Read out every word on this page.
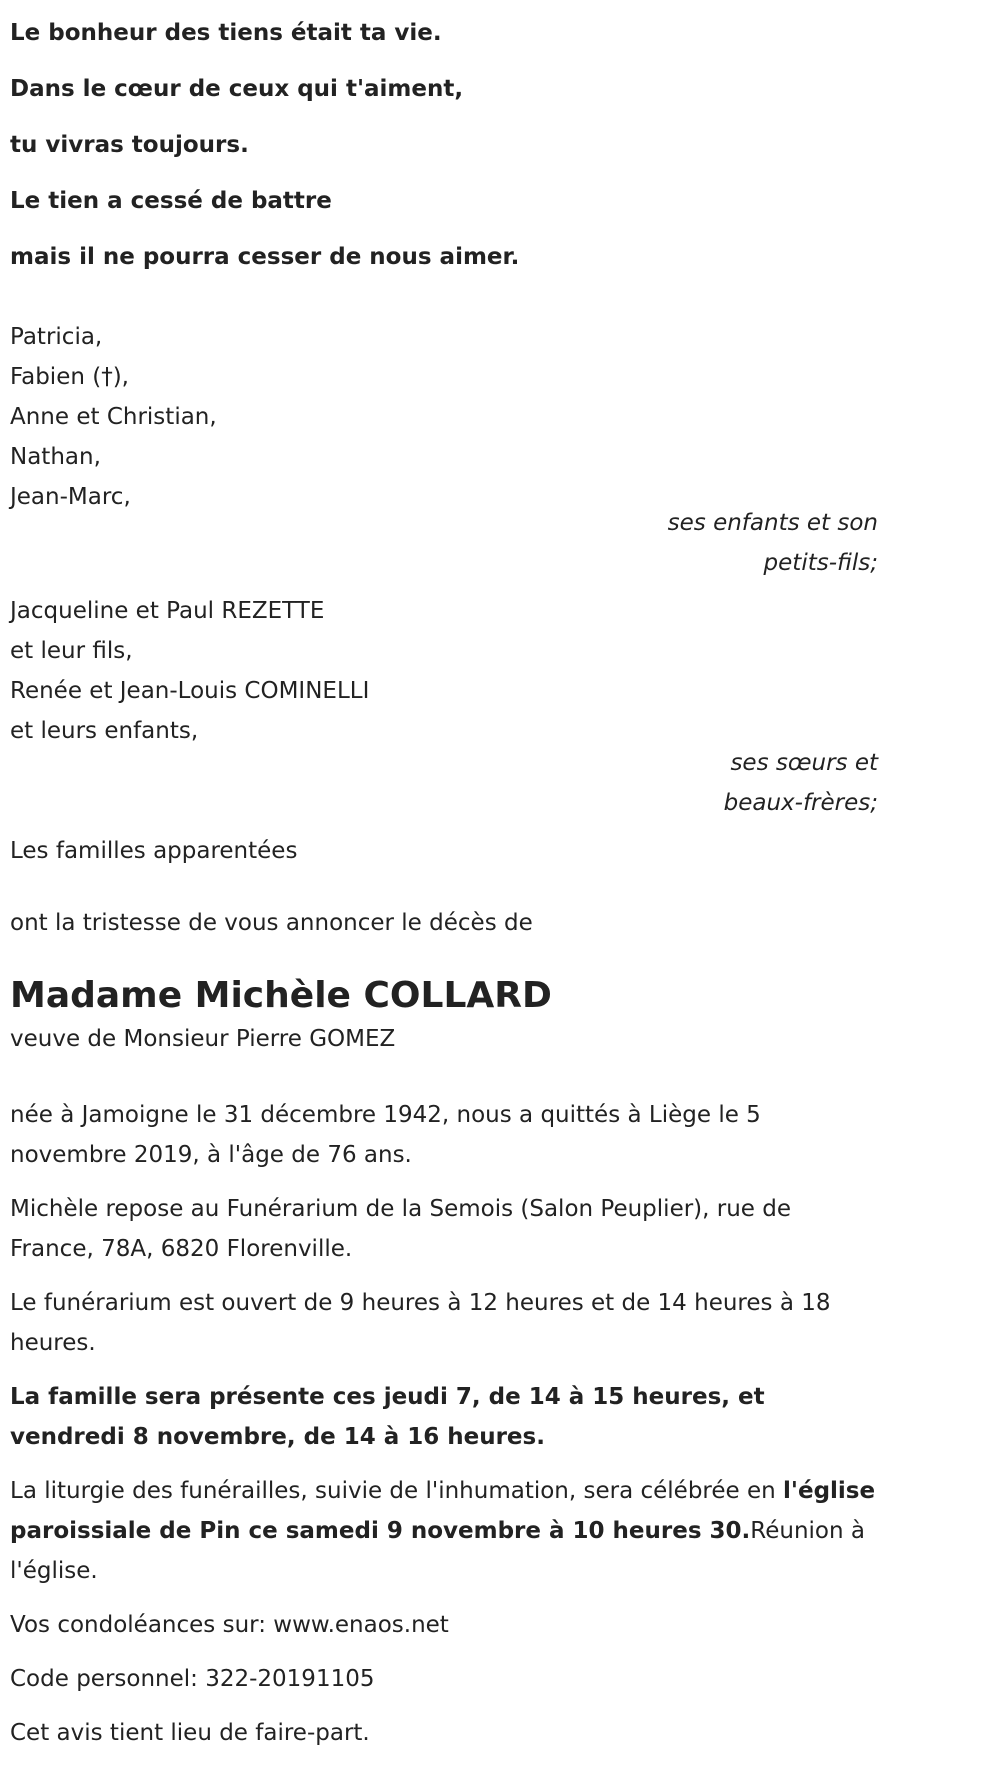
Le bonheur des tiens était ta vie.

Dans le cœur de ceux qui t'aiment,

tu vivras toujours.

Le tien a cessé de battre

mais il ne pourra cesser de nous aimer.

Patricia,

Fabien (†),

Anne et Christian,

Nathan,

Jean-Marc,

ses enfants et son petits-fils;

Jacqueline et Paul REZETTE

et leur fils,

Renée et Jean-Louis COMINELLI

et leurs enfants,

ses sœurs et beaux-frères;

Les familles apparentées

ont la tristesse de vous annoncer le décès de

Madame Michèle COLLARD

veuve de Monsieur Pierre GOMEZ

née à Jamoigne le 31 décembre 1942, nous a quittés à Liège le 5 novembre 2019, à l'âge de 76 ans.

Michèle repose au Funérarium de la Semois (Salon Peuplier), rue de France, 78A, 6820 Florenville.

Le funérarium est ouvert de 9 heures à 12 heures et de 14 heures à 18 heures.

La famille sera présente ces jeudi 7, de 14 à 15 heures, et vendredi 8 novembre, de 14 à 16 heures.

La liturgie des funérailles, suivie de l'inhumation, sera célébrée en l'église paroissiale de Pin ce samedi 9 novembre à 10 heures 30.Réunion à l'église.

Vos condoléances sur: www.enaos.net

Code personnel: 322-20191105

Cet avis tient lieu de faire-part.
